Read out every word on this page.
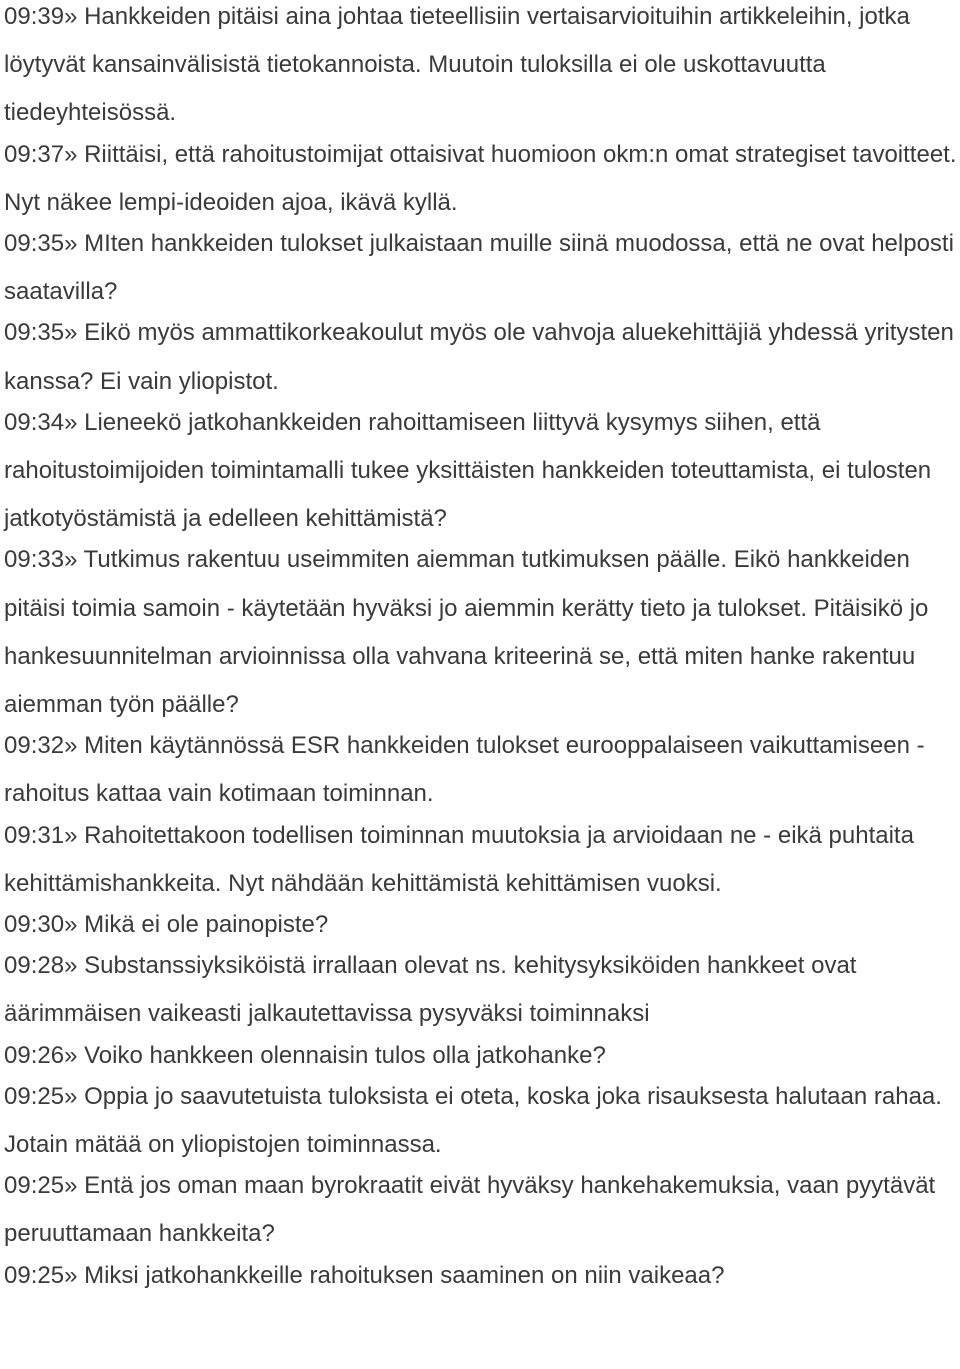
09:39» Hankkeiden pitäisi aina johtaa tieteellisiin vertaisarvioituihin artikkeleihin, jotka löytyvät kansainvälisistä tietokannoista. Muutoin tuloksilla ei ole uskottavuutta tiedeyhteisössä.

09:37» Riittäisi, että rahoitustoimijat ottaisivat huomioon okm:n omat strategiset tavoitteet. Nyt näkee lempi-ideoiden ajoa, ikävä kyllä.

09:35» MIten hankkeiden tulokset julkaistaan muille siinä muodossa, että ne ovat helposti saatavilla?

09:35» Eikö myös ammattikorkeakoulut myös ole vahvoja aluekehittäjiä yhdessä yritysten kanssa? Ei vain yliopistot.

09:34» Lieneekö jatkohankkeiden rahoittamiseen liittyvä kysymys siihen, että rahoitustoimijoiden toimintamalli tukee yksittäisten hankkeiden toteuttamista, ei tulosten jatkotyöstämistä ja edelleen kehittämistä?

09:33» Tutkimus rakentuu useimmiten aiemman tutkimuksen päälle. Eikö hankkeiden pitäisi toimia samoin - käytetään hyväksi jo aiemmin kerätty tieto ja tulokset. Pitäisikö jo hankesuunnitelman arvioinnissa olla vahvana kriteerinä se, että miten hanke rakentuu aiemman työn päälle?

09:32» Miten käytännössä ESR hankkeiden tulokset eurooppalaiseen vaikuttamiseen - rahoitus kattaa vain kotimaan toiminnan.

09:31» Rahoitettakoon todellisen toiminnan muutoksia ja arvioidaan ne - eikä puhtaita kehittämishankkeita. Nyt nähdään kehittämistä kehittämisen vuoksi.

09:30» Mikä ei ole painopiste?

09:28» Substanssiyksiköistä irrallaan olevat ns. kehitysyksiköiden hankkeet ovat äärimmäisen vaikeasti jalkautettavissa pysyväksi toiminnaksi

09:26» Voiko hankkeen olennaisin tulos olla jatkohanke?

09:25» Oppia jo saavutetuista tuloksista ei oteta, koska joka risauksesta halutaan rahaa. Jotain mätää on yliopistojen toiminnassa.

09:25» Entä jos oman maan byrokraatit eivät hyväksy hankehakemuksia, vaan pyytävät peruuttamaan hankkeita?

09:25» Miksi jatkohankkeille rahoituksen saaminen on niin vaikeaa?
